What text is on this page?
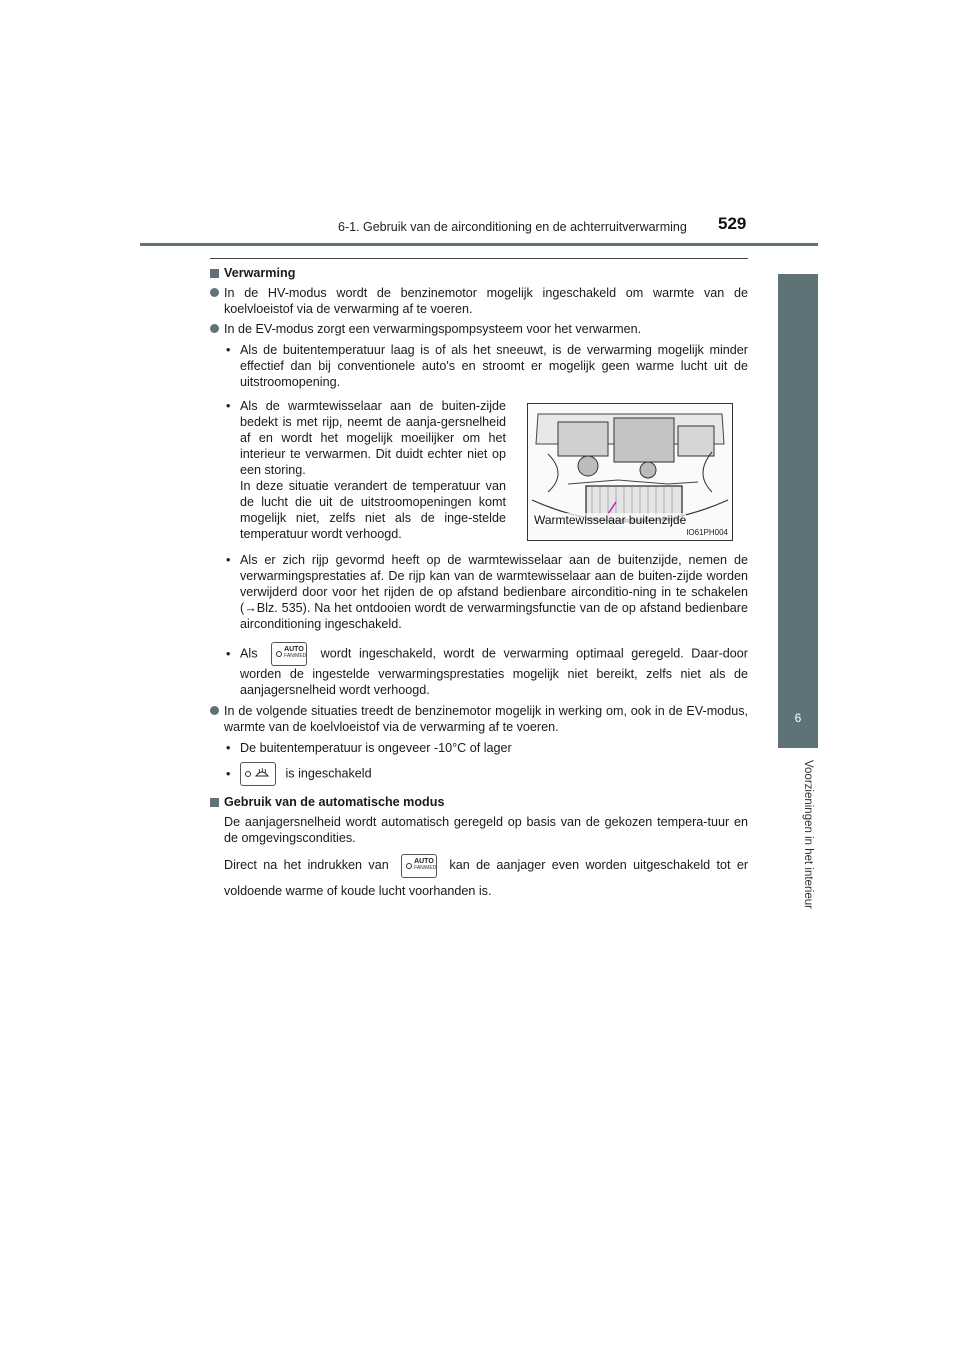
6-1. Gebruik van de airconditioning en de achterruitverwarming 529
6
Voorzieningen in het interieur
Verwarming
In de HV-modus wordt de benzinemotor mogelijk ingeschakeld om warmte van de koelvloeistof via de verwarming af te voeren.
In de EV-modus zorgt een verwarmingspompsysteem voor het verwarmen.
• Als de buitentemperatuur laag is of als het sneeuwt, is de verwarming mogelijk minder effectief dan bij conventionele auto's en stroomt er mogelijk geen warme lucht uit de uitstroomopening.
• Als de warmtewisselaar aan de buiten-zijde bedekt is met rijp, neemt de aanja-gersnelheid af en wordt het mogelijk moeilijker om het interieur te verwarmen. Dit duidt echter niet op een storing.
In deze situatie verandert de temperatuur van de lucht die uit de uitstroomopeningen komt mogelijk niet, zelfs niet als de inge-stelde temperatuur wordt verhoogd.
• Als er zich rijp gevormd heeft op de warmtewisselaar aan de buitenzijde, nemen de verwarmingsprestaties af. De rijp kan van de warmtewisselaar aan de buiten-zijde worden verwijderd door voor het rijden de op afstand bedienbare airconditio-ning in te schakelen (→Blz. 535). Na het ontdooien wordt de verwarmingsfunctie van de op afstand bedienbare airconditioning ingeschakeld.
• Als	AUTO
FAN/MED wordt ingeschakeld, wordt de verwarming optimaal geregeld. Daar-door worden de ingestelde verwarmingsprestaties mogelijk niet bereikt, zelfs niet als de aanjagersnelheid wordt verhoogd.
In de volgende situaties treedt de benzinemotor mogelijk in werking om, ook in de EV-modus, warmte van de koelvloeistof via de verwarming af te voeren.
• De buitentemperatuur is ongeveer -10°C of lager
•	is ingeschakeld
Gebruik van de automatische modus
De aanjagersnelheid wordt automatisch geregeld op basis van de gekozen tempera-tuur en de omgevingscondities.
Direct na het indrukken van	AUTO
FAN/MED kan de aanjager even worden uitgeschakeld tot er voldoende warme of koude lucht voorhanden is.
Warmtewisselaar buitenzijde
IO61PH004
